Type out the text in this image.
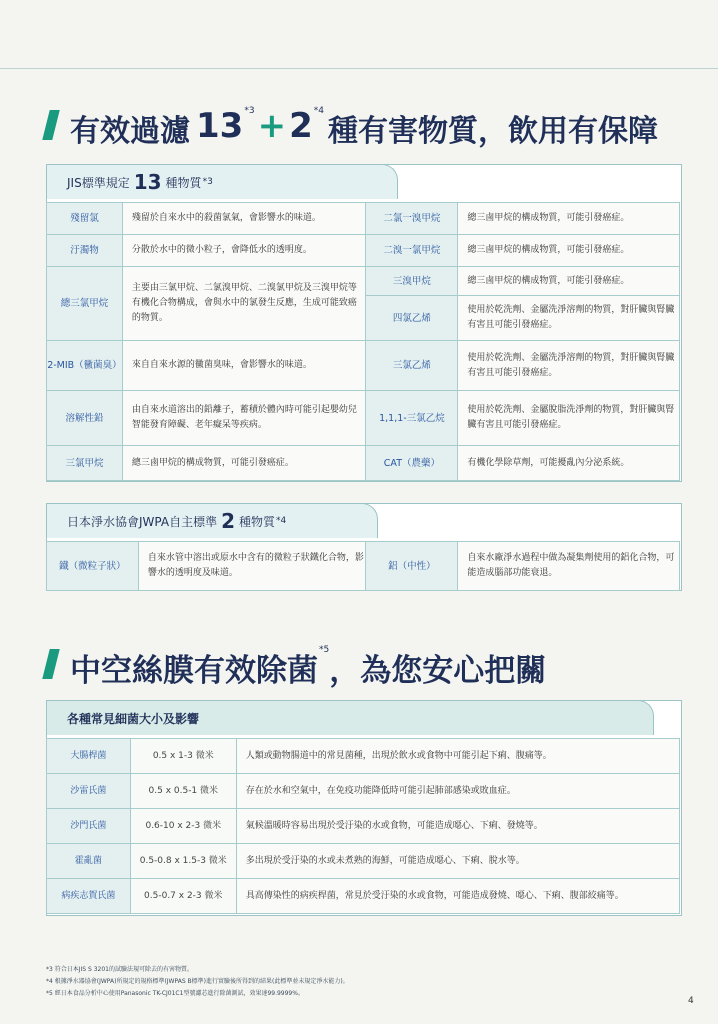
有效過濾 13 *3 + 2 *4
種有害物質，飲用有保障
JIS標準規定 13 種物質 *3
殘留氯	殘留於自來水中的殺菌氯氣，會影響水的味道。	二氯一溴甲烷	總三鹵甲烷的構成物質，可能引發癌症。
汙濁物	分散於水中的微小粒子，會降低水的透明度。	二溴一氯甲烷	總三鹵甲烷的構成物質，可能引發癌症。
總三氯甲烷	主要由三氯甲烷、二氯溴甲烷、二溴氯甲烷及三溴甲烷等有機化合物構成，會與水中的氯發生反應，生成可能致癌的物質。	三溴甲烷	總三鹵甲烷的構成物質，可能引發癌症。
		四氯乙烯	使用於乾洗劑、金屬洗淨溶劑的物質，對肝臟與腎臟有害且可能引發癌症。
2-MIB（黴菌臭）	來自自來水源的黴菌臭味，會影響水的味道。	三氯乙烯	使用於乾洗劑、金屬洗淨溶劑的物質，對肝臟與腎臟有害且可能引發癌症。
溶解性鉛	由自來水道溶出的鉛離子，蓄積於體內時可能引起嬰幼兒智能發育障礙、老年癡呆等疾病。	1,1,1-三氯乙烷	使用於乾洗劑、金屬脫脂洗淨劑的物質，對肝臟與腎臟有害且可能引發癌症。
三氯甲烷	總三鹵甲烷的構成物質，可能引發癌症。	CAT（農藥）	有機化學除草劑，可能擾亂內分泌系統。
日本淨水協會JWPA自主標準 2 種物質 *4
鐵（微粒子狀）	自來水管中溶出或原水中含有的微粒子狀鐵化合物，影響水的透明度及味道。	鋁（中性）	自來水廠淨水過程中做為凝集劑使用的鋁化合物，可能造成腦部功能衰退。
中空絲膜有效除菌
*5
，為您安心把關
各種常見細菌大小及影響
大腸桿菌	0.5 x 1-3 微米	人類或動物腸道中的常見菌種，出現於飲水或食物中可能引起下痢、腹痛等。
沙雷氏菌	0.5 x 0.5-1 微米	存在於水和空氣中，在免疫功能降低時可能引起肺部感染或敗血症。
沙門氏菌	0.6-10 x 2-3 微米	氣候溫暖時容易出現於受汙染的水或食物，可能造成噁心、下痢、發燒等。
霍亂菌	0.5-0.8 x 1.5-3 微米	多出現於受汙染的水或未煮熟的海鮮，可能造成噁心、下痢、脫水等。
病疾志賀氏菌	0.5-0.7 x 2-3 微米	具高傳染性的病疾桿菌，常見於受汙染的水或食物，可能造成發燒、噁心、下痢、腹部絞痛等。
*3 符合日本JIS S 3201的試驗法規可除去的有害物質。
*4 根據淨水器協會(JWPA)所規定的規格標準(JWPAS B標準)進行實驗後所得到的結果(此標準並未規定淨水能力)。
*5 經日本食品分析中心使用Panasonic TK-CJ01C1型號濾芯進行除菌測試，效果達99.9999%。
4
